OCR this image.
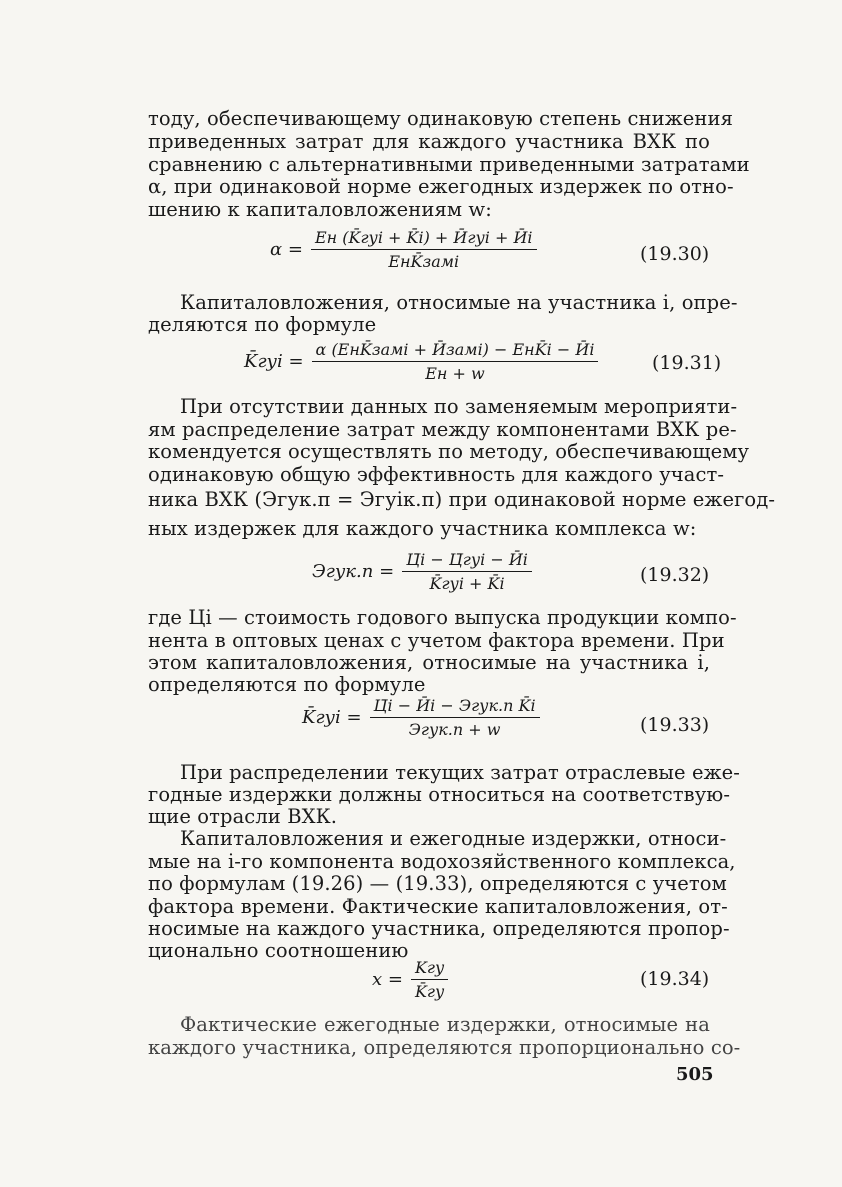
тоду, обеспечивающему одинаковую степень снижения
приведенных затрат для каждого участника ВХК по
сравнению с альтернативными приведенными затратами
α, при одинаковой норме ежегодных издержек по отно-
шению к капиталовложениям w:
$\alpha = \frac{\text{Eн (K̄гуi + K̄i) + Ӣгуi + Ӣi}}{\text{EнK̄замi}}$	(19.30)
Капиталовложения, относимые на участника i, опре-
деляются по формуле
K̄гуi = $\frac{\text{α (EнK̄замi + Ӣзамi) − EнK̄i − Ӣi}}{Eн + w}$	(19.31)
При отсутствии данных по заменяемым мероприяти-
ям распределение затрат между компонентами ВХК ре-
комендуется осуществлять по методу, обеспечивающему
одинаковую общую эффективность для каждого участ-
ника ВХК (Эгук.п = Эгуiк.п) при одинаковой норме ежегод-
ных издержек для каждого участника комплекса w:
Эгук.п = $\frac{\text{Ц̄i − Ц̄гуi − Ӣi}}{\text{K̄гуi + K̄i}}$	(19.32)
где Цi — стоимость годового выпуска продукции компо-
нента в оптовых ценах с учетом фактора времени. При
этом капиталовложения, относимые на участника i,
определяются по формуле
K̄гуi = $\frac{\text{Ц̄i − Ӣi − Эгук.п K̄i}}{\text{Эгук.п + w}}$	(19.33)
При распределении текущих затрат отраслевые еже-
годные издержки должны относиться на соответствую-
щие отрасли ВХК.
Капиталовложения и ежегодные издержки, относи-
мые на i-го компонента водохозяйственного комплекса,
по формулам (19.26) — (19.33), определяются с учетом
фактора времени. Фактические капиталовложения, от-
носимые на каждого участника, определяются пропор-
ционально соотношению
$x = \frac{\text{Kгу}}{K̄гу}$	(19.34)
Фактические ежегодные издержки, относимые на
каждого участника, определяются пропорционально со-
505
